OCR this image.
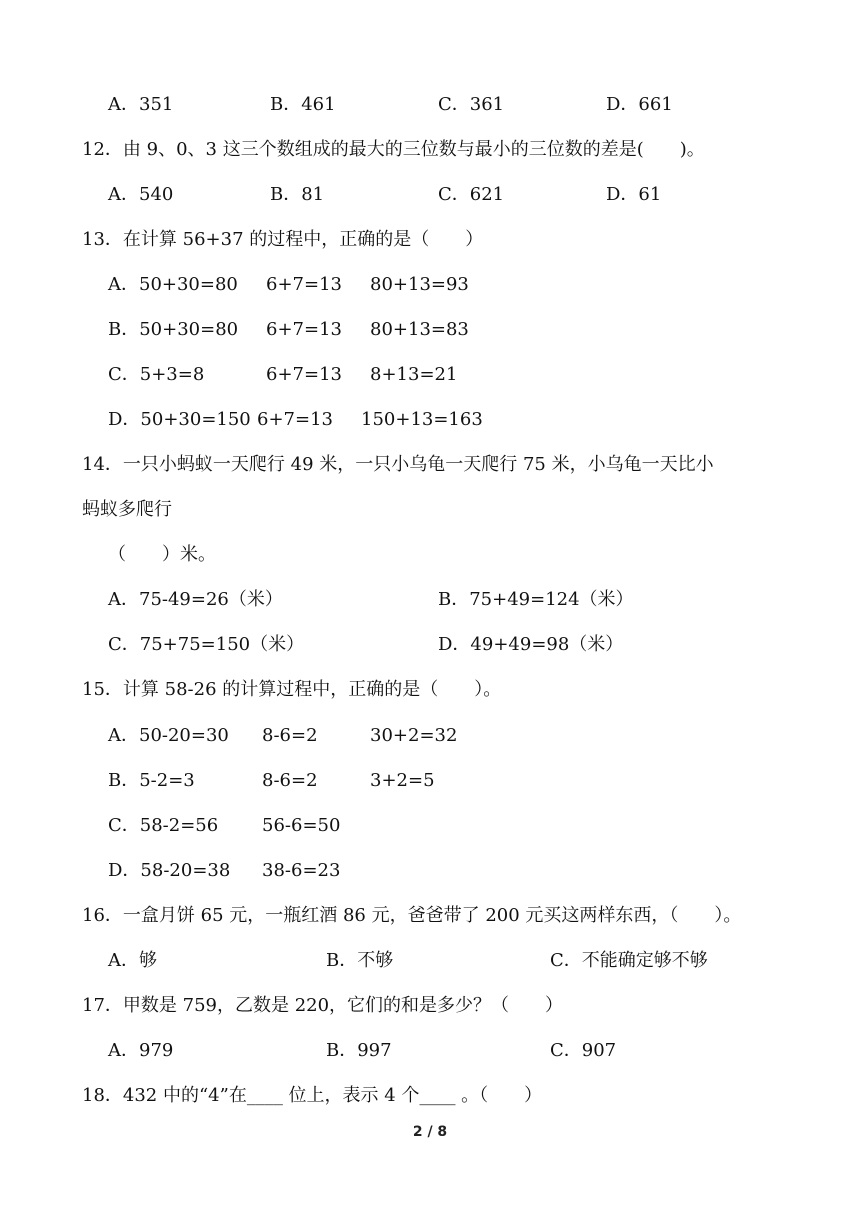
A．351	B．461	C．361	D．661
12．由 9、0、3 这三个数组成的最大的三位数与最小的三位数的差是(　　)。
A．540	B．81	C．621	D．61
13．在计算 56+37 的过程中，正确的是（　　）
A．50+30=80 6+7=13 80+13=93
B．50+30=80 6+7=13 80+13=83
C．5+3=8	6+7=13 8+13=21
D．50+30=150 6+7=13 150+13=163
14．一只小蚂蚁一天爬行 49 米，一只小乌龟一天爬行 75 米，小乌龟一天比小
蚂蚁多爬行
（　　）米。
A．75-49=26（米）	B．75+49=124（米）
C．75+75=150（米）	D．49+49=98（米）
15．计算 58-26 的计算过程中，正确的是（　　）。
A．50-20=30 8-6=2	30+2=32
B．5-2=3	8-6=2	3+2=5
C．58-2=56 56-6=50
D．58-20=38 38-6=23
16．一盒月饼 65 元，一瓶红酒 86 元，爸爸带了 200 元买这两样东西，（　　）。
A．够	B．不够	C．不能确定够不够
17．甲数是 759，乙数是 220，它们的和是多少？（　　）
A．979	B．997	C．907
18．432 中的“4”在____ 位上，表示 4 个____ 。（　　）
2 / 8
